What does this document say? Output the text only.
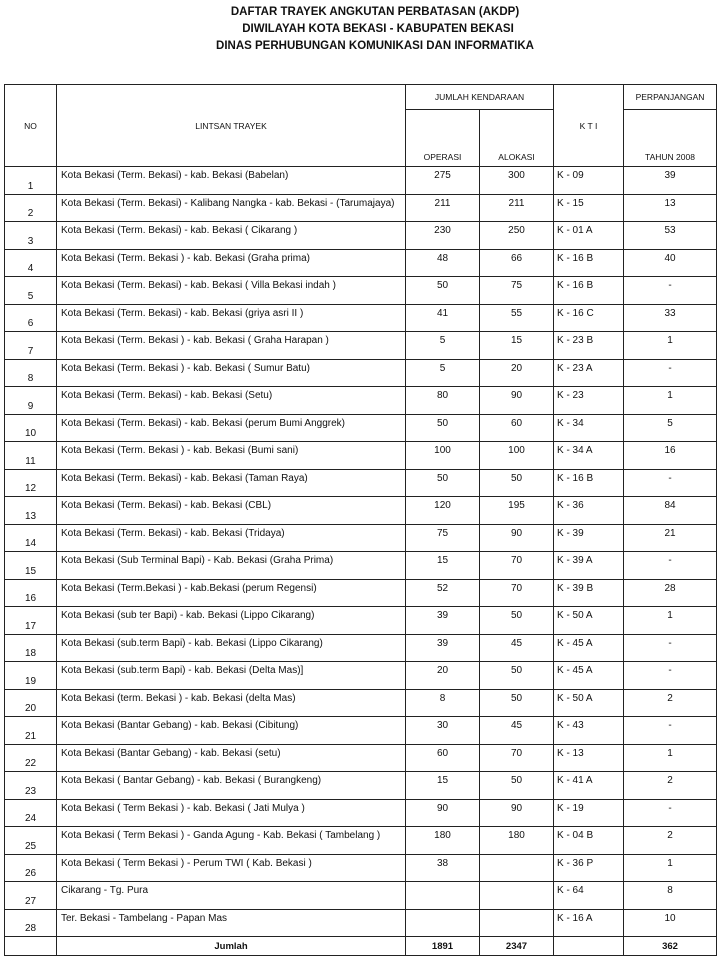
DAFTAR TRAYEK ANGKUTAN PERBATASAN (AKDP)
DIWILAYAH KOTA BEKASI - KABUPATEN BEKASI
DINAS PERHUBUNGAN KOMUNIKASI DAN INFORMATIKA
NO	LINTSAN TRAYEK	JUMLAH KENDARAAN		K T I	PERPANJANGAN
		OPERASI	ALOKASI		TAHUN 2008
1	Kota Bekasi (Term. Bekasi) - kab. Bekasi (Babelan)	275	300	K - 09	39
2	Kota Bekasi (Term. Bekasi) - Kalibang Nangka - kab. Bekasi - (Tarumajaya)	211	211	K - 15	13
3	Kota Bekasi (Term. Bekasi) - kab. Bekasi ( Cikarang )	230	250	K - 01 A	53
4	Kota Bekasi (Term. Bekasi ) - kab. Bekasi (Graha prima)	48	66	K - 16 B	40
5	Kota Bekasi (Term. Bekasi) - kab. Bekasi ( Villa Bekasi indah )	50	75	K - 16 B	-
6	Kota Bekasi (Term. Bekasi) - kab. Bekasi (griya asri II )	41	55	K - 16 C	33
7	Kota Bekasi (Term. Bekasi ) - kab. Bekasi ( Graha Harapan )	5	15	K - 23 B	1
8	Kota Bekasi (Term. Bekasi ) - kab. Bekasi ( Sumur Batu)	5	20	K - 23 A	-
9	Kota Bekasi (Term. Bekasi) - kab. Bekasi (Setu)	80	90	K - 23	1
10	Kota Bekasi (Term. Bekasi) - kab. Bekasi (perum Bumi Anggrek)	50	60	K - 34	5
11	Kota Bekasi (Term. Bekasi ) - kab. Bekasi (Bumi sani)	100	100	K - 34 A	16
12	Kota Bekasi (Term. Bekasi) - kab. Bekasi (Taman Raya)	50	50	K - 16 B	-
13	Kota Bekasi (Term. Bekasi) - kab. Bekasi (CBL)	120	195	K - 36	84
14	Kota Bekasi (Term. Bekasi) - kab. Bekasi (Tridaya)	75	90	K - 39	21
15	Kota Bekasi (Sub Terminal Bapi) - Kab. Bekasi (Graha Prima)	15	70	K - 39 A	-
16	Kota Bekasi (Term.Bekasi ) - kab.Bekasi (perum Regensi)	52	70	K - 39 B	28
17	Kota Bekasi (sub ter Bapi) - kab. Bekasi (Lippo Cikarang)	39	50	K - 50 A	1
18	Kota Bekasi (sub.term Bapi) - kab. Bekasi (Lippo Cikarang)	39	45	K - 45 A	-
19	Kota Bekasi (sub.term Bapi) - kab. Bekasi (Delta Mas)]	20	50	K - 45 A	-
20	Kota Bekasi (term. Bekasi ) - kab. Bekasi (delta Mas)	8	50	K - 50 A	2
21	Kota Bekasi (Bantar Gebang) - kab. Bekasi (Cibitung)	30	45	K - 43	-
22	Kota Bekasi (Bantar Gebang) - kab. Bekasi (setu)	60	70	K - 13	1
23	Kota Bekasi ( Bantar Gebang) - kab. Bekasi ( Burangkeng)	15	50	K - 41 A	2
24	Kota Bekasi ( Term Bekasi ) - kab. Bekasi ( Jati Mulya )	90	90	K - 19	-
25	Kota Bekasi ( Term Bekasi ) - Ganda Agung - Kab. Bekasi ( Tambelang )	180	180	K - 04 B	2
26	Kota Bekasi ( Term Bekasi ) - Perum TWI ( Kab. Bekasi )	38		K - 36 P	1
27	Cikarang - Tg. Pura			K - 64	8
28	Ter. Bekasi - Tambelang - Papan Mas			K - 16 A	10
	Jumlah	1891	2347		362
